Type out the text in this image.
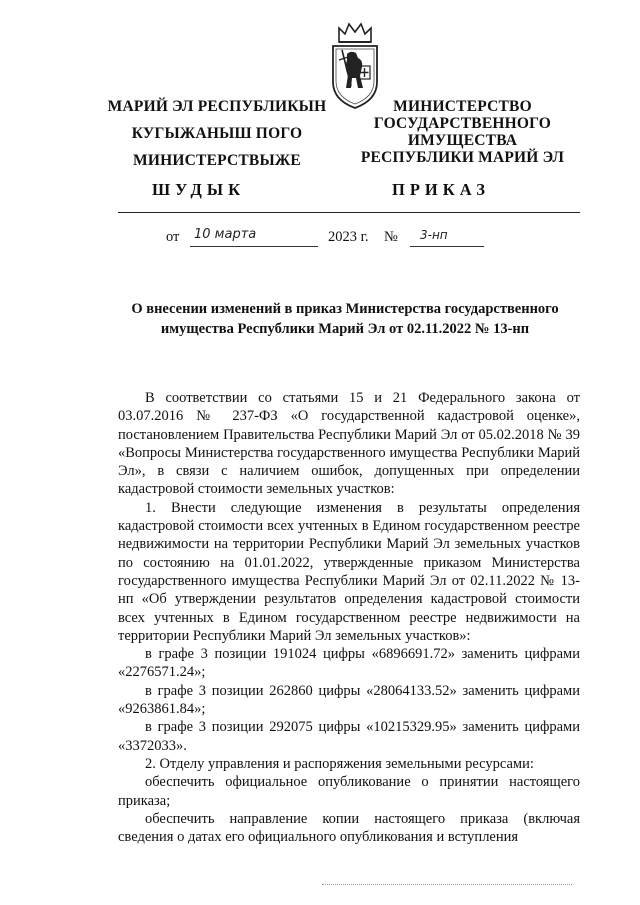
МАРИЙ ЭЛ РЕСПУБЛИКЫН
КУГЫЖАНЫШ ПОГО
МИНИСТЕРСТВЫЖЕ
МИНИСТЕРСТВО
ГОСУДАРСТВЕННОГО
ИМУЩЕСТВА
РЕСПУБЛИКИ МАРИЙ ЭЛ
ШУДЫК	ПРИКАЗ
от 10 марта	2023 г. № 3-нп
О внесении изменений в приказ Министерства государственного
имущества Республики Марий Эл от 02.11.2022 № 13-нп

В соответствии со статьями 15 и 21 Федерального закона от 03.07.2016 № 237-ФЗ «О государственной кадастровой оценке», постановлением Правительства Республики Марий Эл от 05.02.2018 № 39 «Вопросы Министерства государственного имущества Республики Марий Эл», в связи с наличием ошибок, допущенных при определении кадастровой стоимости земельных участков:

1. Внести следующие изменения в результаты определения кадастровой стоимости всех учтенных в Едином государственном реестре недвижимости на территории Республики Марий Эл земельных участков по состоянию на 01.01.2022, утвержденные приказом Министерства государственного имущества Республики Марий Эл от 02.11.2022 № 13-нп «Об утверждении результатов определения кадастровой стоимости всех учтенных в Едином государственном реестре недвижимости на территории Республики Марий Эл земельных участков»:

в графе 3 позиции 191024 цифры «6896691.72» заменить цифрами «2276571.24»;

в графе 3 позиции 262860 цифры «28064133.52» заменить цифрами «9263861.84»;

в графе 3 позиции 292075 цифры «10215329.95» заменить цифрами «3372033».

2. Отделу управления и распоряжения земельными ресурсами:

обеспечить официальное опубликование о принятии настоящего приказа;

обеспечить направление копии настоящего приказа (включая сведения о датах его официального опубликования и вступления
